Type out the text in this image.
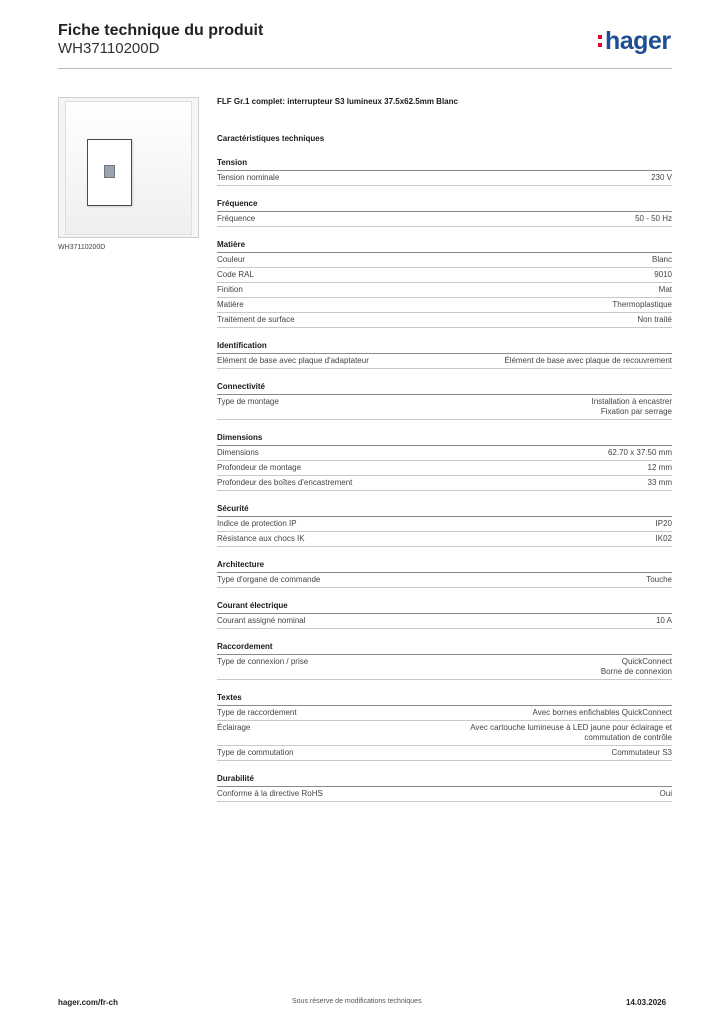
Fiche technique du produit
WH37110200D	hager
WH37110200D

FLF Gr.1 complet: interrupteur S3 lumineux 37.5x62.5mm Blanc

Caractéristiques techniques

Tension
Tension nominale	230 V
Fréquence
Fréquence	50 - 50 Hz
Matière
Couleur	Blanc
Code RAL	9010
Finition	Mat
Matière	Thermoplastique
Traitement de surface	Non traité
Identification
Elément de base avec plaque d'adaptateur	Élément de base avec plaque de recouvrement
Connectivité
Type de montage	Installation à encastrer
Fixation par serrage
Dimensions
Dimensions	62.70 x 37.50 mm
Profondeur de montage	12 mm
Profondeur des boîtes d'encastrement	33 mm
Sécurité
Indice de protection IP	IP20
Résistance aux chocs IK	IK02
Architecture
Type d'organe de commande	Touche
Courant électrique
Courant assigné nominal	10 A
Raccordement
Type de connexion / prise	QuickConnect
Borne de connexion
Textes
Type de raccordement	Avec bornes enfichables QuickConnect
Éclairage	Avec cartouche lumineuse à LED jaune pour éclairage et
commutation de contrôle
Type de commutation	Commutateur S3
Durabilité
Conforme à la directive RoHS	Oui
hager.com/fr-ch	Sous réserve de modifications techniques	14.03.2026
